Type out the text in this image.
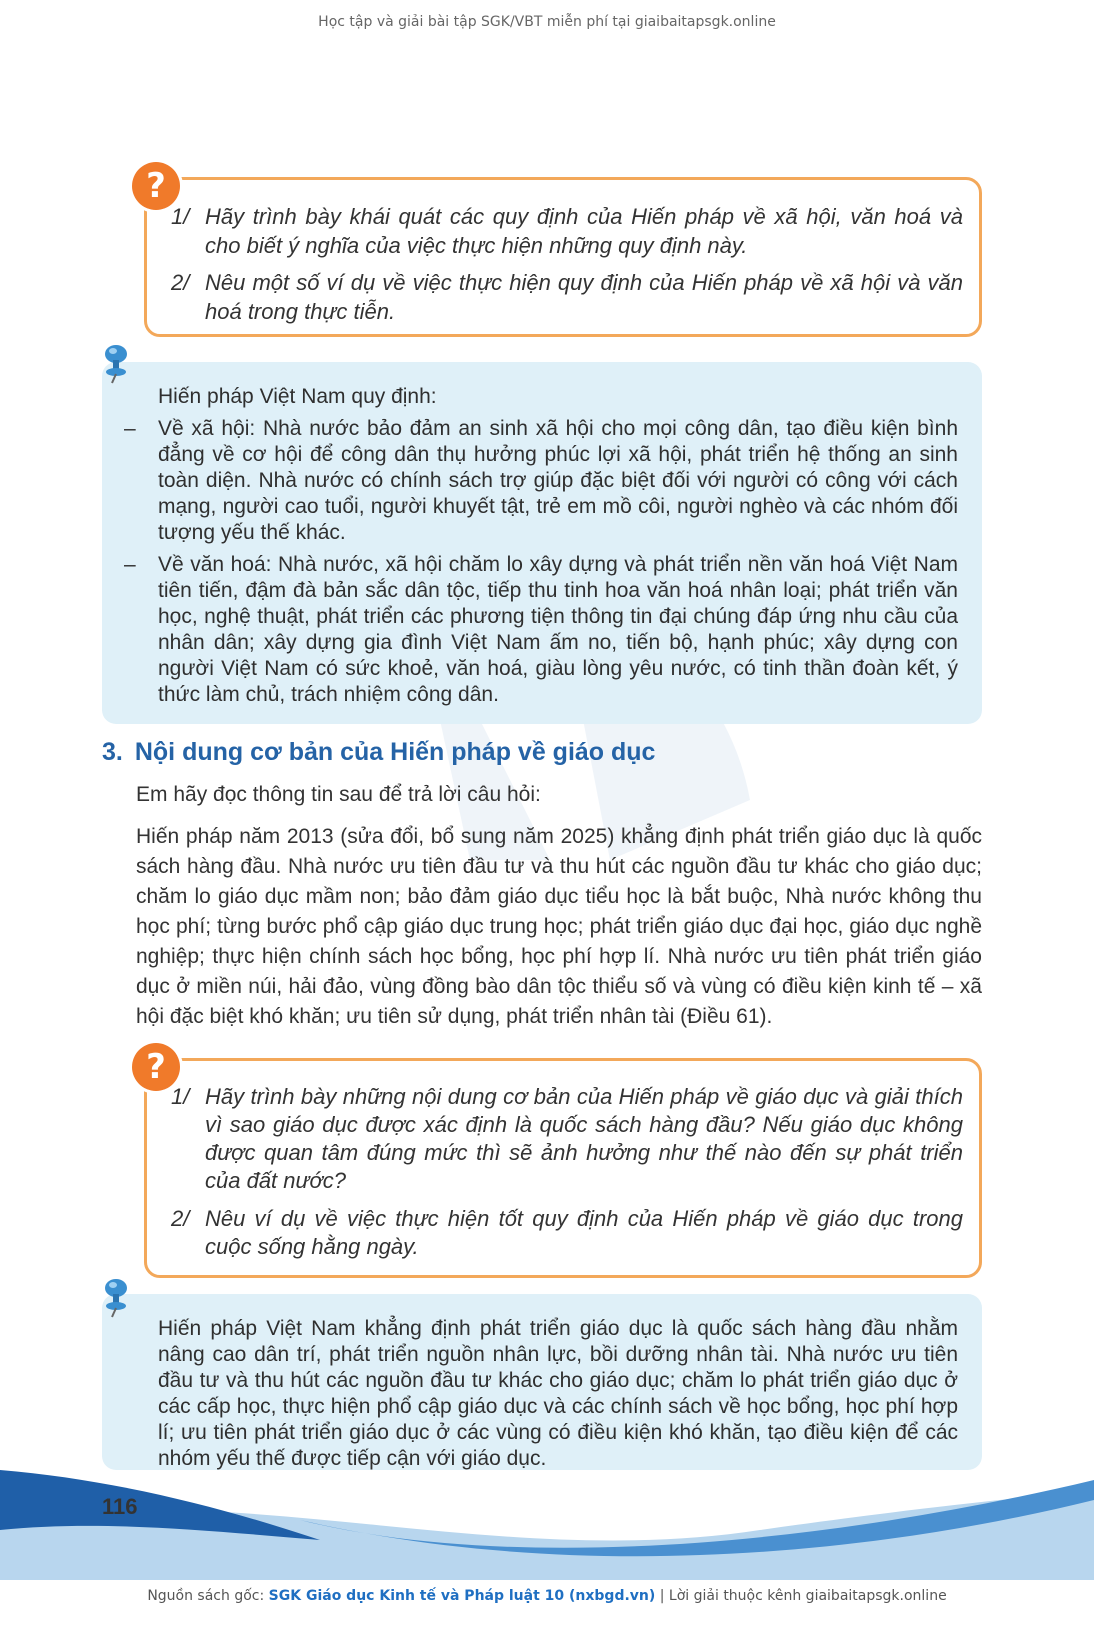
Học tập và giải bài tập SGK/VBT miễn phí tại giaibaitapsgk.online
1/ Hãy trình bày khái quát các quy định của Hiến pháp về xã hội, văn hoá và cho biết ý nghĩa của việc thực hiện những quy định này.
2/ Nêu một số ví dụ về việc thực hiện quy định của Hiến pháp về xã hội và văn hoá trong thực tiễn.
?

Hiến pháp Việt Nam quy định:

– Về xã hội: Nhà nước bảo đảm an sinh xã hội cho mọi công dân, tạo điều kiện bình đẳng về cơ hội để công dân thụ hưởng phúc lợi xã hội, phát triển hệ thống an sinh toàn diện. Nhà nước có chính sách trợ giúp đặc biệt đối với người có công với cách mạng, người cao tuổi, người khuyết tật, trẻ em mồ côi, người nghèo và các nhóm đối tượng yếu thế khác.

– Về văn hoá: Nhà nước, xã hội chăm lo xây dựng và phát triển nền văn hoá Việt Nam tiên tiến, đậm đà bản sắc dân tộc, tiếp thu tinh hoa văn hoá nhân loại; phát triển văn học, nghệ thuật, phát triển các phương tiện thông tin đại chúng đáp ứng nhu cầu của nhân dân; xây dựng gia đình Việt Nam ấm no, tiến bộ, hạnh phúc; xây dựng con người Việt Nam có sức khoẻ, văn hoá, giàu lòng yêu nước, có tinh thần đoàn kết, ý thức làm chủ, trách nhiệm công dân.

3. Nội dung cơ bản của Hiến pháp về giáo dục
Em hãy đọc thông tin sau để trả lời câu hỏi:
Hiến pháp năm 2013 (sửa đổi, bổ sung năm 2025) khẳng định phát triển giáo dục là quốc sách hàng đầu. Nhà nước ưu tiên đầu tư và thu hút các nguồn đầu tư khác cho giáo dục; chăm lo giáo dục mầm non; bảo đảm giáo dục tiểu học là bắt buộc, Nhà nước không thu học phí; từng bước phổ cập giáo dục trung học; phát triển giáo dục đại học, giáo dục nghề nghiệp; thực hiện chính sách học bổng, học phí hợp lí. Nhà nước ưu tiên phát triển giáo dục ở miền núi, hải đảo, vùng đồng bào dân tộc thiểu số và vùng có điều kiện kinh tế – xã hội đặc biệt khó khăn; ưu tiên sử dụng, phát triển nhân tài (Điều 61).
1/ Hãy trình bày những nội dung cơ bản của Hiến pháp về giáo dục và giải thích vì sao giáo dục được xác định là quốc sách hàng đầu? Nếu giáo dục không được quan tâm đúng mức thì sẽ ảnh hưởng như thế nào đến sự phát triển của đất nước?
2/ Nêu ví dụ về việc thực hiện tốt quy định của Hiến pháp về giáo dục trong cuộc sống hằng ngày.
?

Hiến pháp Việt Nam khẳng định phát triển giáo dục là quốc sách hàng đầu nhằm nâng cao dân trí, phát triển nguồn nhân lực, bồi dưỡng nhân tài. Nhà nước ưu tiên đầu tư và thu hút các nguồn đầu tư khác cho giáo dục; chăm lo phát triển giáo dục ở các cấp học, thực hiện phổ cập giáo dục và các chính sách về học bổng, học phí hợp lí; ưu tiên phát triển giáo dục ở các vùng có điều kiện khó khăn, tạo điều kiện để các nhóm yếu thế được tiếp cận với giáo dục.

116
Nguồn sách gốc: SGK Giáo dục Kinh tế và Pháp luật 10 (nxbgd.vn) | Lời giải thuộc kênh giaibaitapsgk.online
